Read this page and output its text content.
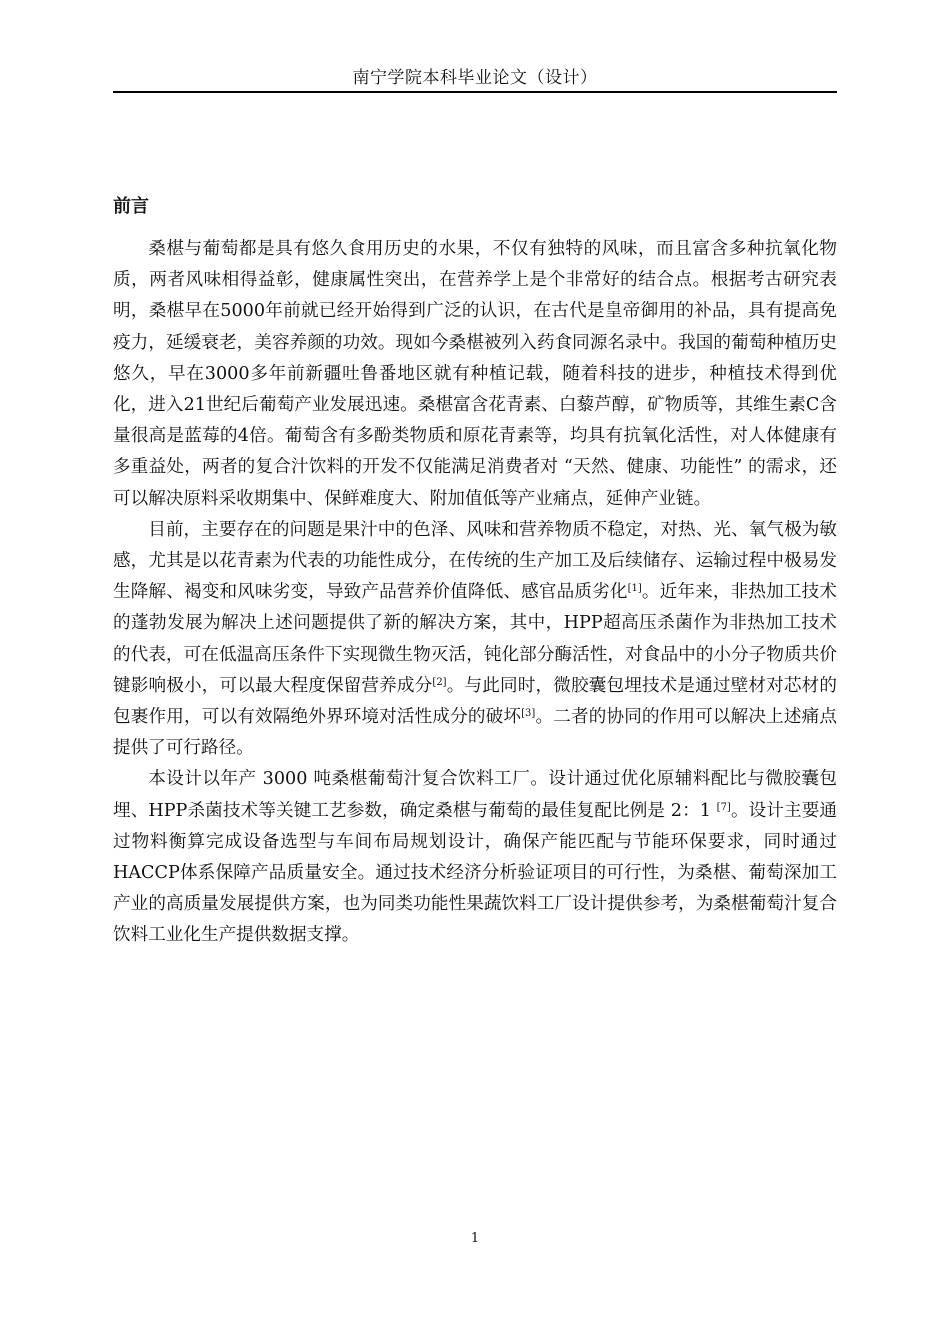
南宁学院本科毕业论文（设计）
前言

桑椹与葡萄都是具有悠久食用历史的水果，不仅有独特的风味，而且富含多种抗氧化物质，两者风味相得益彰，健康属性突出，在营养学上是个非常好的结合点。根据考古研究表明，桑椹早在5000年前就已经开始得到广泛的认识，在古代是皇帝御用的补品，具有提高免疫力，延缓衰老，美容养颜的功效。现如今桑椹被列入药食同源名录中。我国的葡萄种植历史悠久，早在3000多年前新疆吐鲁番地区就有种植记载，随着科技的进步，种植技术得到优化，进入21世纪后葡萄产业发展迅速。桑椹富含花青素、白藜芦醇，矿物质等，其维生素C含量很高是蓝莓的4倍。葡萄含有多酚类物质和原花青素等，均具有抗氧化活性，对人体健康有多重益处，两者的复合汁饮料的开发不仅能满足消费者对 “天然、健康、功能性” 的需求，还可以解决原料采收期集中、保鲜难度大、附加值低等产业痛点，延伸产业链。

目前，主要存在的问题是果汁中的色泽、风味和营养物质不稳定，对热、光、氧气极为敏感，尤其是以花青素为代表的功能性成分，在传统的生产加工及后续储存、运输过程中极易发生降解、褐变和风味劣变，导致产品营养价值降低、感官品质劣化[1]。近年来，非热加工技术的蓬勃发展为解决上述问题提供了新的解决方案，其中，HPP超高压杀菌作为非热加工技术的代表，可在低温高压条件下实现微生物灭活，钝化部分酶活性，对食品中的小分子物质共价键影响极小，可以最大程度保留营养成分[2]。与此同时，微胶囊包埋技术是通过壁材对芯材的包裹作用，可以有效隔绝外界环境对活性成分的破坏[3]。二者的协同的作用可以解决上述痛点提供了可行路径。

本设计以年产 3000 吨桑椹葡萄汁复合饮料工厂。设计通过优化原辅料配比与微胶囊包埋、HPP杀菌技术等关键工艺参数，确定桑椹与葡萄的最佳复配比例是 2：1 [7]。设计主要通过物料衡算完成设备选型与车间布局规划设计，确保产能匹配与节能环保要求，同时通过HACCP体系保障产品质量安全。通过技术经济分析验证项目的可行性，为桑椹、葡萄深加工产业的高质量发展提供方案，也为同类功能性果蔬饮料工厂设计提供参考，为桑椹葡萄汁复合饮料工业化生产提供数据支撑。

1
